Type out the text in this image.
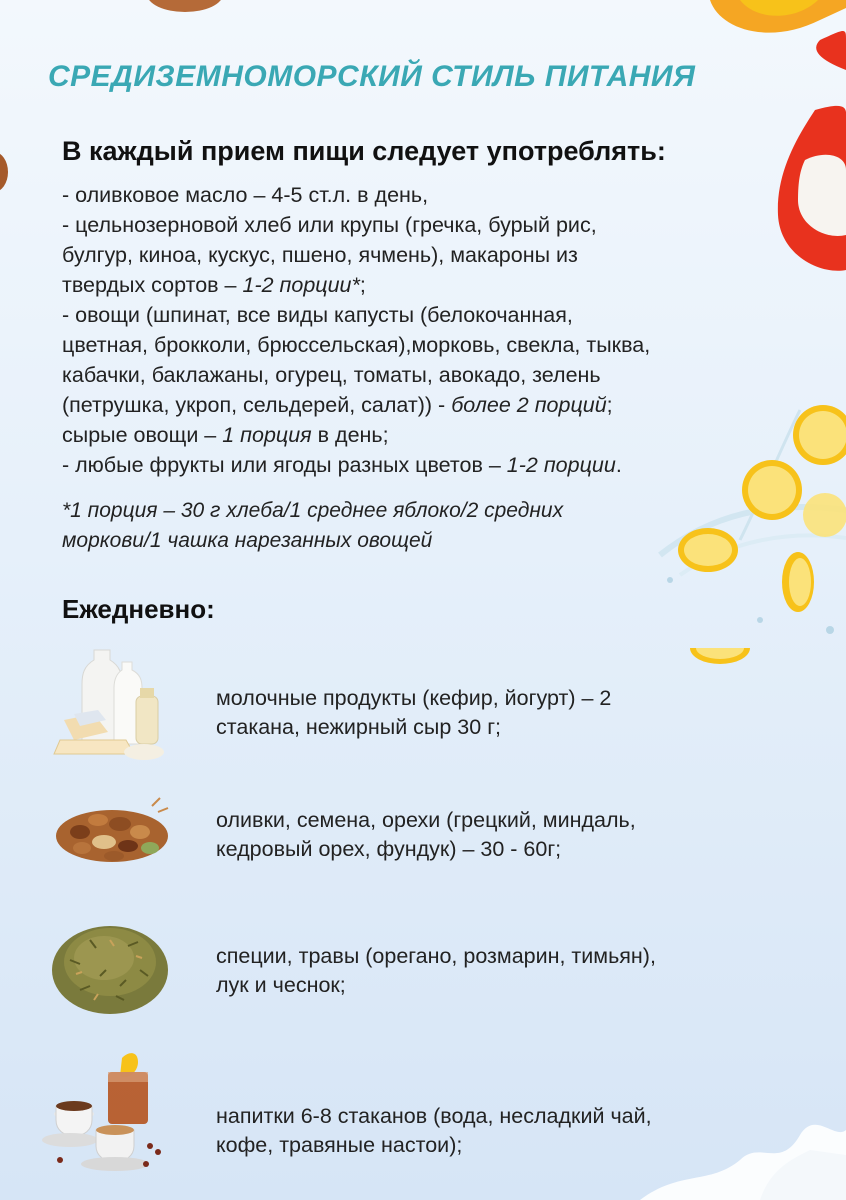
СРЕДИЗЕМНОМОРСКИЙ СТИЛЬ ПИТАНИЯ
В каждый прием пищи следует употреблять:
- оливковое масло – 4-5 ст.л. в день,
- цельнозерновой хлеб или крупы (гречка, бурый рис,
булгур, киноа, кускус, пшено, ячмень), макароны из
твердых сортов – 1-2 порции*;
- овощи (шпинат, все виды капусты (белокочанная,
цветная, брокколи, брюссельская),морковь, свекла, тыква,
кабачки, баклажаны, огурец, томаты, авокадо, зелень
(петрушка, укроп, сельдерей, салат)) - более 2 порций;
сырые овощи – 1 порция в день;
- любые фрукты или ягоды разных цветов – 1-2 порции.
*1 порция – 30 г хлеба/1 среднее яблоко/2 средних
моркови/1 чашка нарезанных овощей
Ежедневно:
молочные продукты (кефир, йогурт) – 2
стакана, нежирный сыр 30 г;
оливки, семена, орехи (грецкий, миндаль,
кедровый орех, фундук) – 30 - 60г;
специи, травы (орегано, розмарин, тимьян),
лук и чеснок;
напитки 6-8 стаканов (вода, несладкий чай,
кофе, травяные настои);
